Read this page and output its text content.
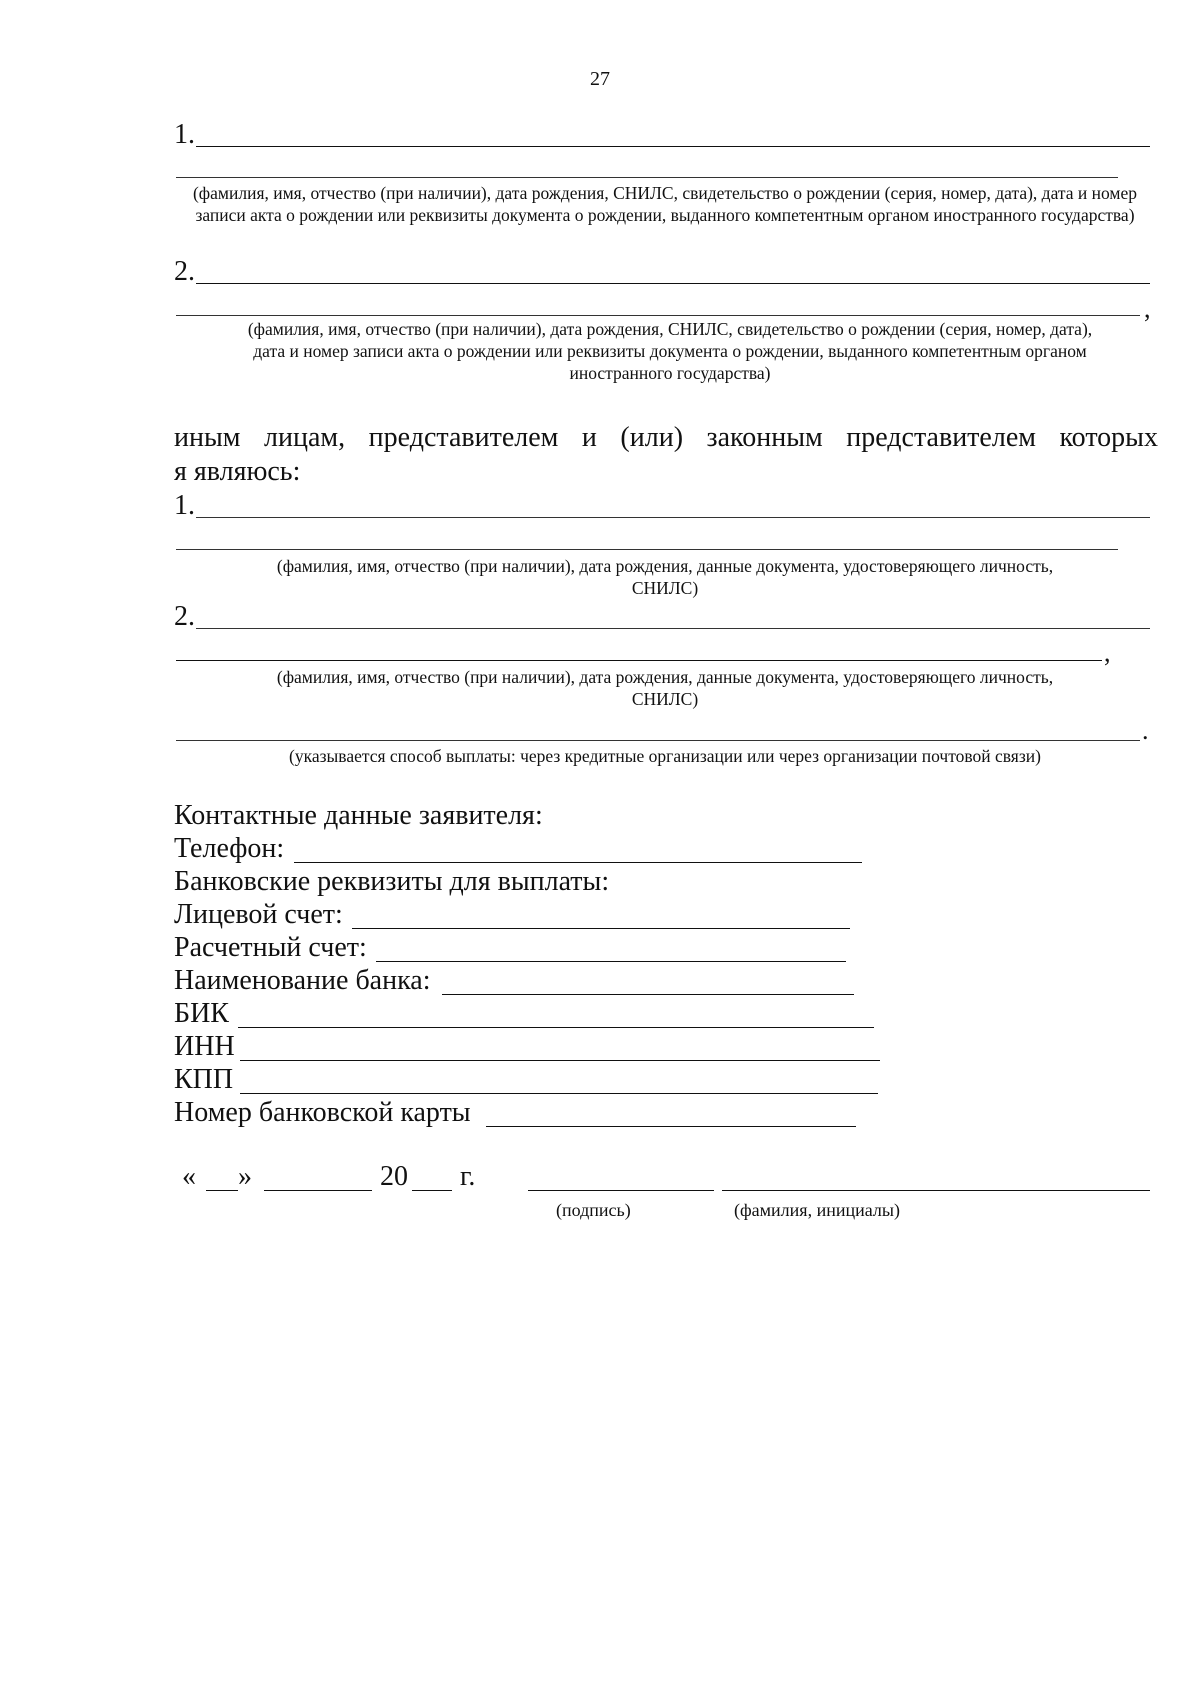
27
1.
(фамилия, имя, отчество (при наличии), дата рождения, СНИЛС, свидетельство о рождении (серия, номер, дата), дата и номер записи акта о рождении или реквизиты документа о рождении, выданного компетентным органом иностранного государства)
2.
,
(фамилия, имя, отчество (при наличии), дата рождения, СНИЛС, свидетельство о рождении (серия, номер, дата), дата и номер записи акта о рождении или реквизиты документа о рождении, выданного компетентным органом иностранного государства)
иным лицам, представителем и (или) законным представителем которых
я являюсь:
1.
(фамилия, имя, отчество (при наличии), дата рождения, данные документа, удостоверяющего личность,
СНИЛС)
2.
,
(фамилия, имя, отчество (при наличии), дата рождения, данные документа, удостоверяющего личность,
СНИЛС)
.
(указывается способ выплаты: через кредитные организации или через организации почтовой связи)
Контактные данные заявителя:
Телефон:
Банковские реквизиты для выплаты:
Лицевой счет:
Расчетный счет:
Наименование банка:
БИК
ИНН
КПП
Номер банковской карты
« »	20 г.
(подпись)	(фамилия, инициалы)
